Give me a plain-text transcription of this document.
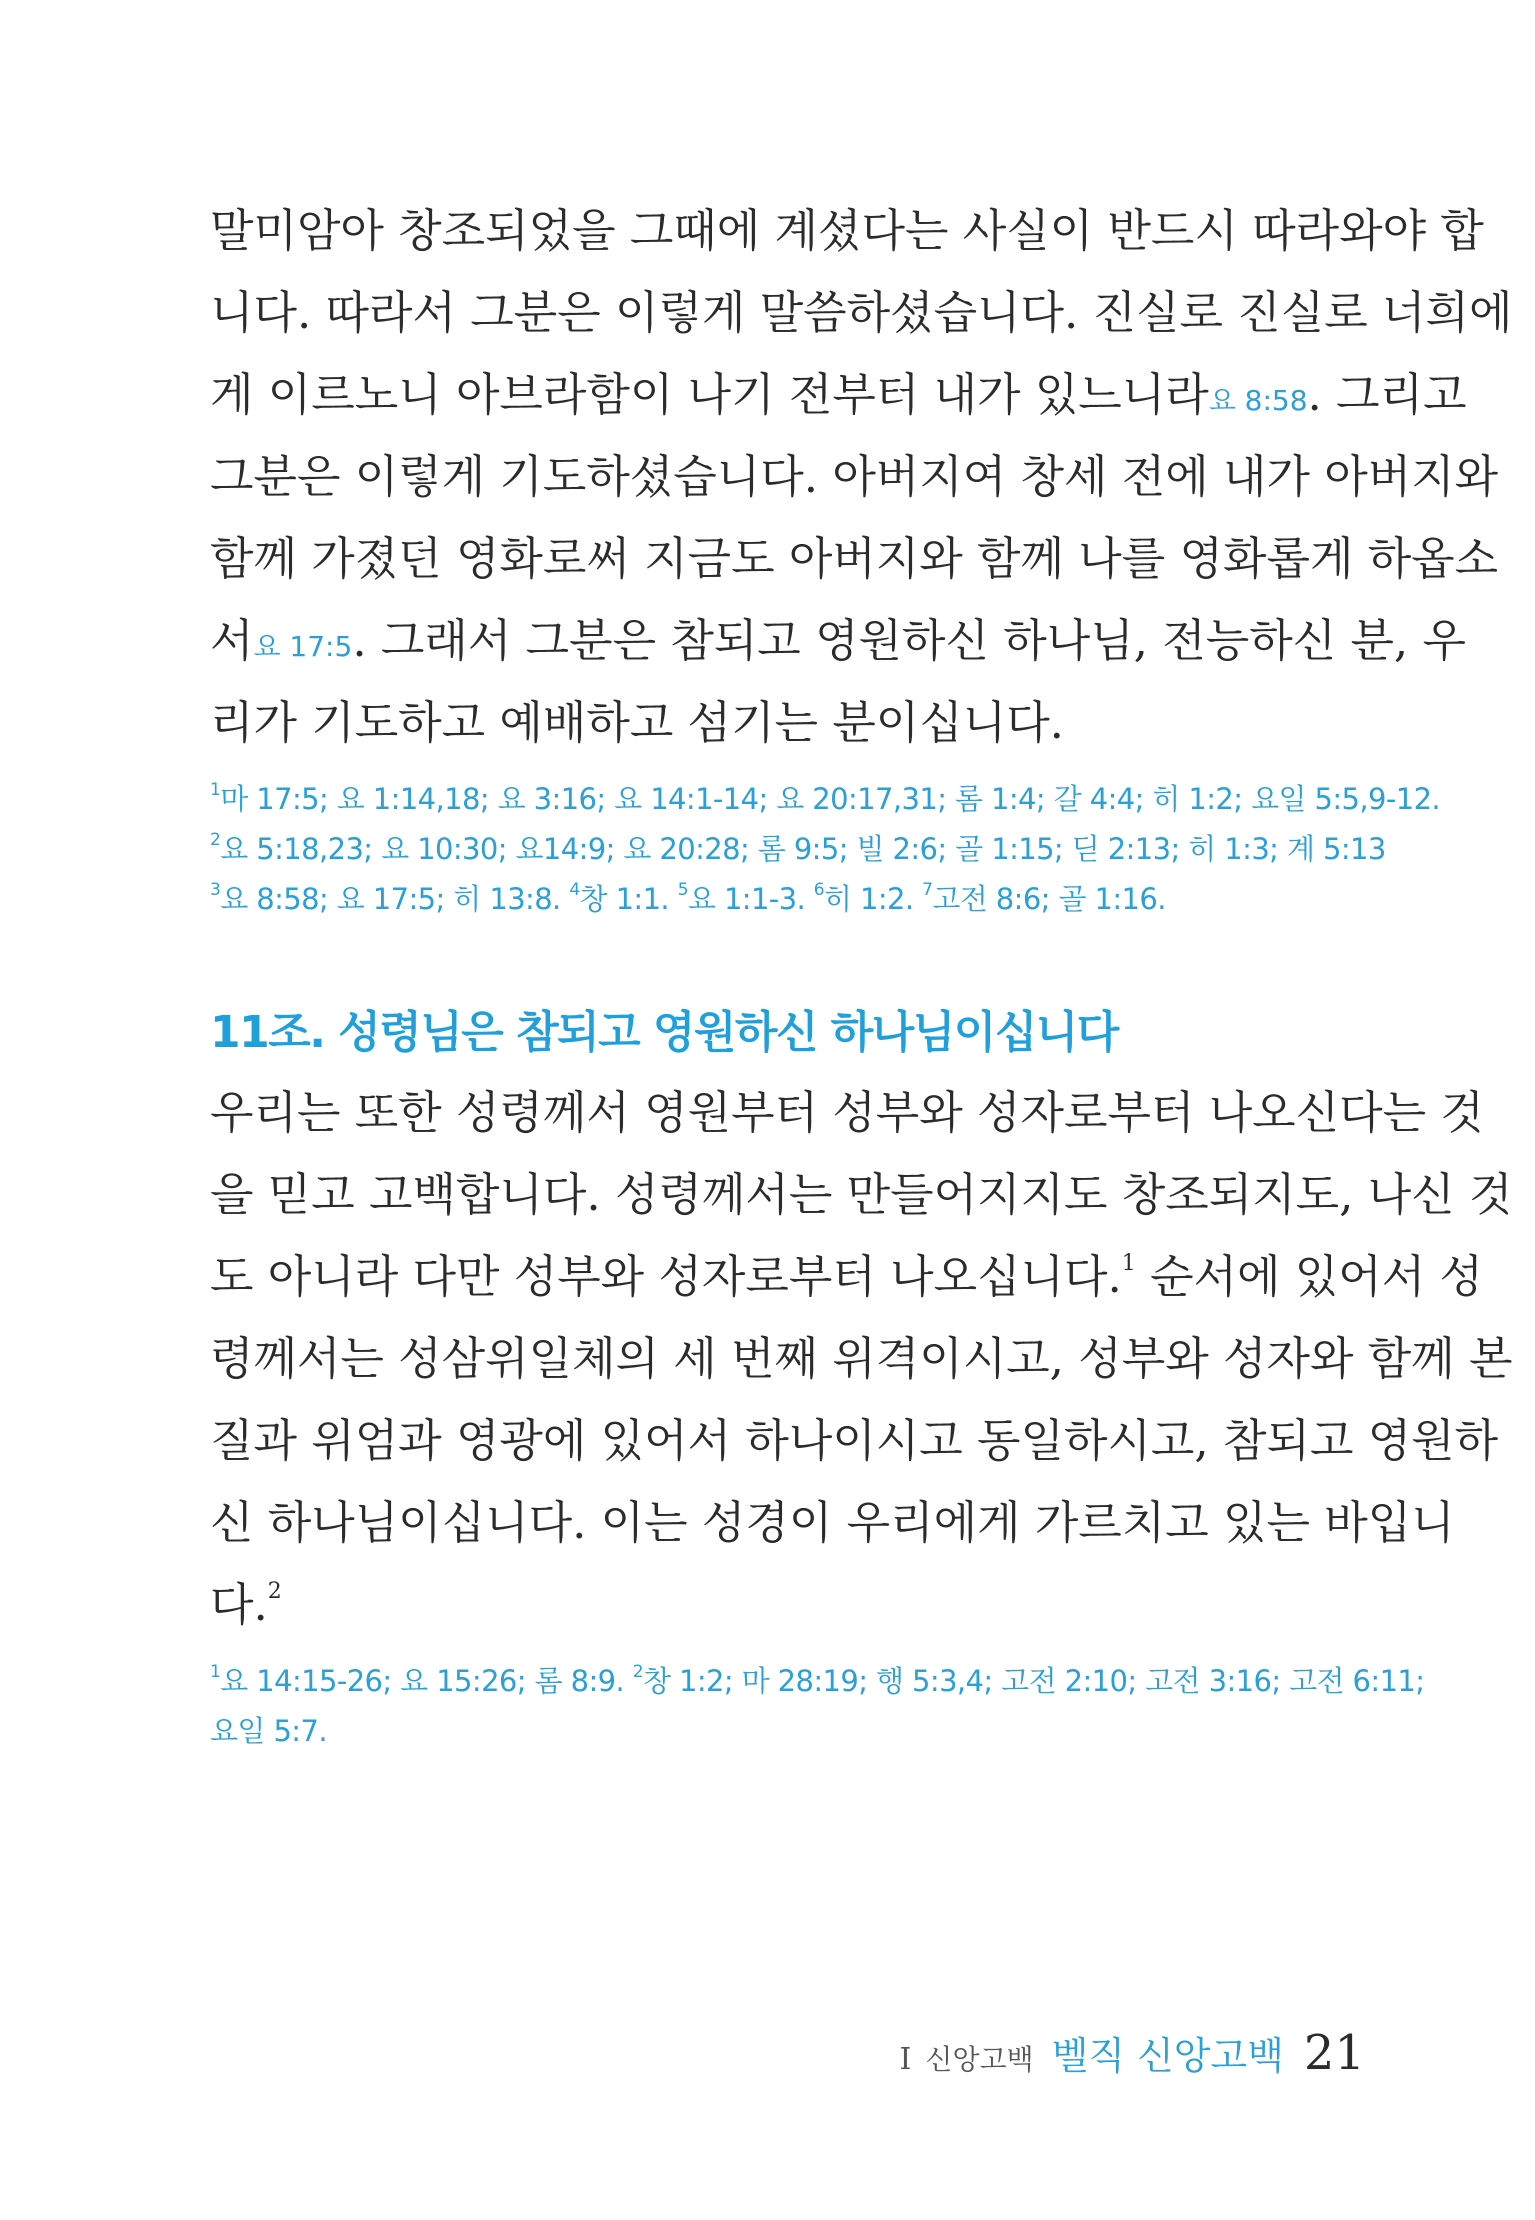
말미암아 창조되었을 그때에 계셨다는 사실이 반드시 따라와야 합
니다. 따라서 그분은 이렇게 말씀하셨습니다. 진실로 진실로 너희에
게 이르노니 아브라함이 나기 전부터 내가 있느니라요 8:58. 그리고
그분은 이렇게 기도하셨습니다. 아버지여 창세 전에 내가 아버지와
함께 가졌던 영화로써 지금도 아버지와 함께 나를 영화롭게 하옵소
서요 17:5. 그래서 그분은 참되고 영원하신 하나님, 전능하신 분, 우
리가 기도하고 예배하고 섬기는 분이십니다.
$^1$마 17:5; 요 1:14,18; 요 3:16; 요 14:1-14; 요 20:17,31; 롬 1:4; 갈 4:4; 히 1:2; 요일 5:5,9-12.
$^2$요 5:18,23; 요 10:30; 요14:9; 요 20:28; 롬 9:5; 빌 2:6; 골 1:15; 딛 2:13; 히 1:3; 계 5:13
$^3$요 8:58; 요 17:5; 히 13:8. $^4$창 1:1. $^5$요 1:1-3. $^6$히 1:2. $^7$고전 8:6; 골 1:16.
11조. 성령님은 참되고 영원하신 하나님이십니다
우리는 또한 성령께서 영원부터 성부와 성자로부터 나오신다는 것
을 믿고 고백합니다. 성령께서는 만들어지지도 창조되지도, 나신 것
도 아니라 다만 성부와 성자로부터 나오십니다.$^1$ 순서에 있어서 성
령께서는 성삼위일체의 세 번째 위격이시고, 성부와 성자와 함께 본
질과 위엄과 영광에 있어서 하나이시고 동일하시고, 참되고 영원하
신 하나님이십니다. 이는 성경이 우리에게 가르치고 있는 바입니
다.$^2$
$^1$요 14:15-26; 요 15:26; 롬 8:9. $^2$창 1:2; 마 28:19; 행 5:3,4; 고전 2:10; 고전 3:16; 고전 6:11;
요일 5:7.
I 신앙고백 벨직 신앙고백 21
